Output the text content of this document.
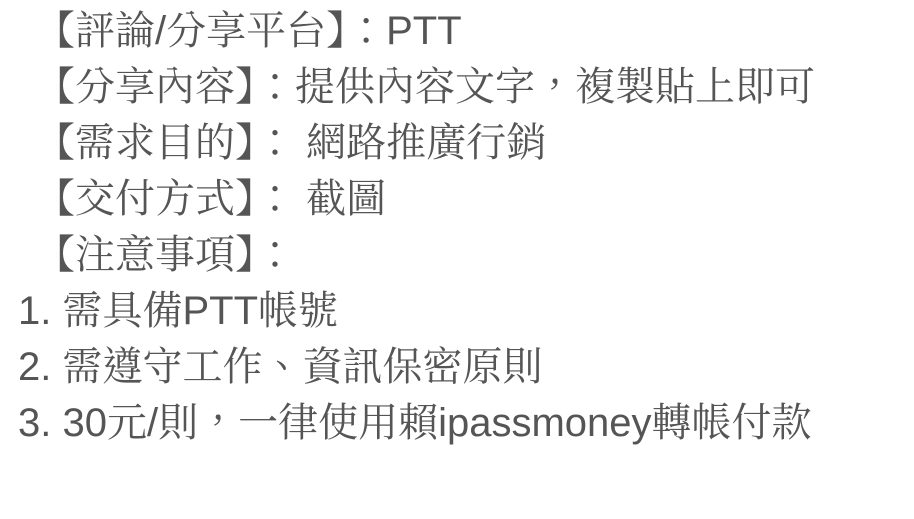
【評論/分享平台】：PTT
【分享內容】：提供內容文字，複製貼上即可
【需求目的】： 網路推廣行銷
【交付方式】： 截圖
【注意事項】：
1. 需具備PTT帳號
2. 需遵守工作、資訊保密原則
3. 30元/則，一律使用賴ipassmoney轉帳付款
